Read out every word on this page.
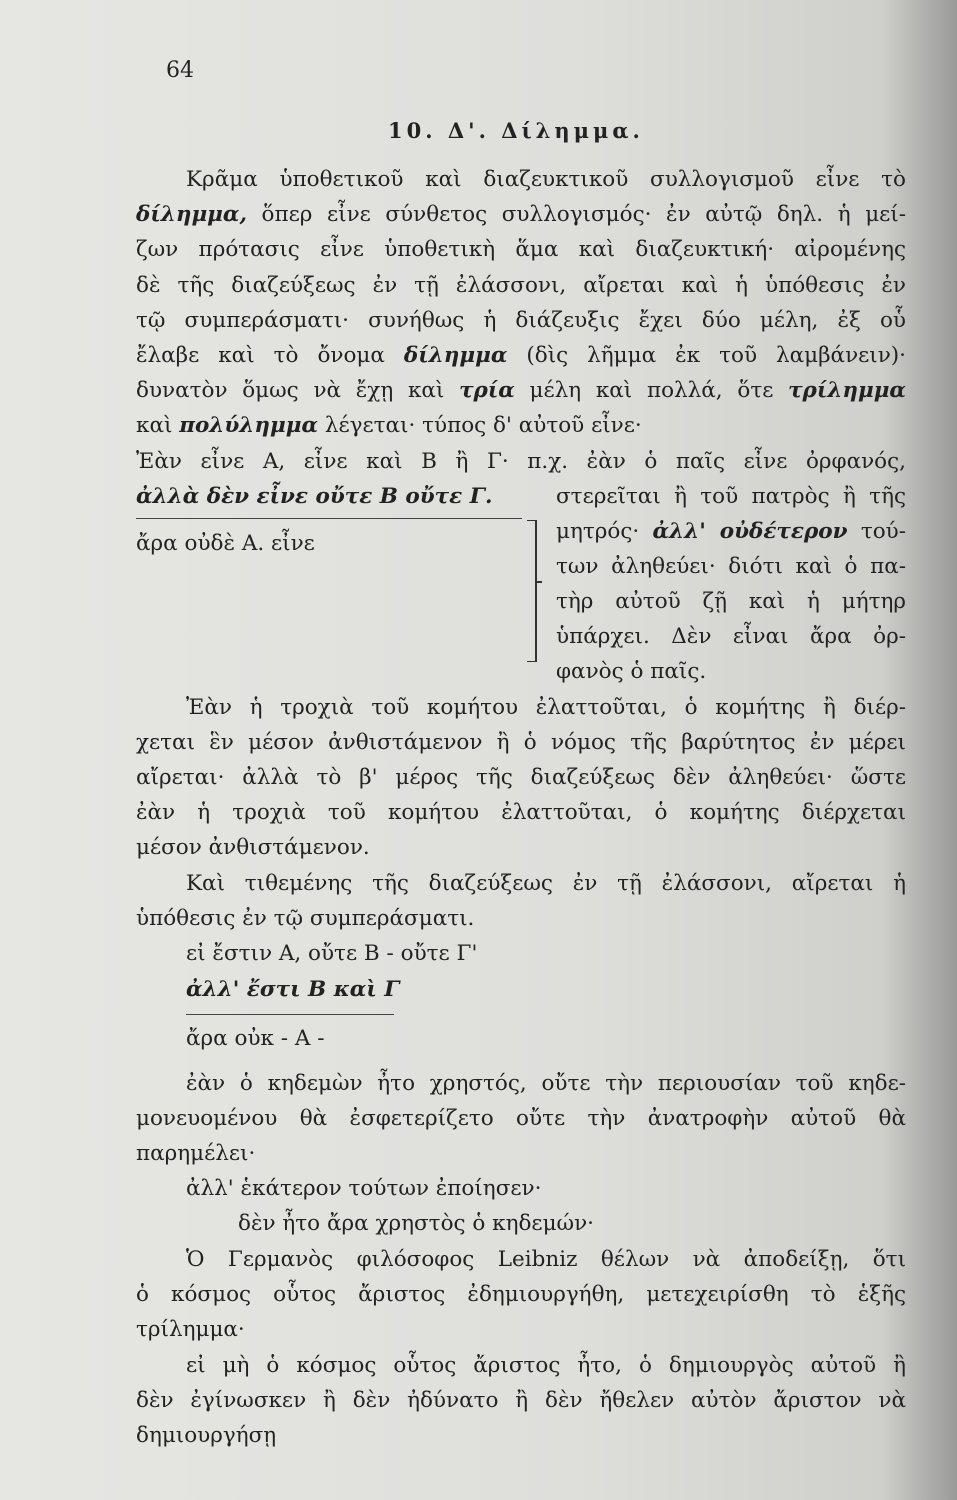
64
10. Δ'. Δίλημμα.
Κρᾶμα ὑποθετικοῦ καὶ διαζευκτικοῦ συλλογισμοῦ εἶνε τὸ
δίλημμα, ὅπερ εἶνε σύνθετος συλλογισμός· ἐν αὐτῷ δηλ. ἡ μεί-
ζων πρότασις εἶνε ὑποθετικὴ ἅμα καὶ διαζευκτική· αἰρομένης
δὲ τῆς διαζεύξεως ἐν τῇ ἐλάσσονι, αἴρεται καὶ ἡ ὑπόθεσις ἐν
τῷ συμπεράσματι· συνήθως ἡ διάζευξις ἔχει δύο μέλη, ἐξ οὗ
ἔλαβε καὶ τὸ ὄνομα δίλημμα (δὶς λῆμμα ἐκ τοῦ λαμβάνειν)·
δυνατὸν ὅμως νὰ ἔχῃ καὶ τρία μέλη καὶ πολλά, ὅτε τρίλημμα
καὶ πολύλημμα λέγεται· τύπος δ' αὐτοῦ εἶνε·
Ἐὰν εἶνε Α, εἶνε καὶ Β ἢ Γ· π.χ. ἐὰν ὁ παῖς εἶνε ὀρφανός,
ἀλλὰ δὲν εἶνε οὔτε Β οὔτε Γ.
ἄρα οὐδὲ Α. εἶνε
στερεῖται ἢ τοῦ πατρὸς ἢ τῆς
μητρός· ἀλλ' οὐδέτερον τού-
των ἀληθεύει· διότι καὶ ὁ πα-
τὴρ αὐτοῦ ζῇ καὶ ἡ μήτηρ
ὑπάρχει. Δὲν εἶναι ἄρα ὀρ-
φανὸς ὁ παῖς.
Ἐὰν ἡ τροχιὰ τοῦ κομήτου ἐλαττοῦται, ὁ κομήτης ἢ διέρ-
χεται ἓν μέσον ἀνθιστάμενον ἢ ὁ νόμος τῆς βαρύτητος ἐν μέρει
αἴρεται· ἀλλὰ τὸ β' μέρος τῆς διαζεύξεως δὲν ἀληθεύει· ὥστε
ἐὰν ἡ τροχιὰ τοῦ κομήτου ἐλαττοῦται, ὁ κομήτης διέρχεται
μέσον ἀνθιστάμενον.
Καὶ τιθεμένης τῆς διαζεύξεως ἐν τῇ ἐλάσσονι, αἴρεται ἡ
ὑπόθεσις ἐν τῷ συμπεράσματι.
εἰ ἔστιν Α, οὔτε Β - οὔτε Γ'
ἀλλ' ἔστι Β καὶ Γ
ἄρα οὐκ - Α -
ἐὰν ὁ κηδεμὼν ἦτο χρηστός, οὔτε τὴν περιουσίαν τοῦ κηδε-
μονευομένου θὰ ἐσφετερίζετο οὔτε τὴν ἀνατροφὴν αὐτοῦ θὰ
παρημέλει·
ἀλλ' ἑκάτερον τούτων ἐποίησεν·
δὲν ἦτο ἄρα χρηστὸς ὁ κηδεμών·
Ὁ Γερμανὸς φιλόσοφος Leibniz θέλων νὰ ἀποδείξῃ, ὅτι
ὁ κόσμος οὗτος ἄριστος ἐδημιουργήθη, μετεχειρίσθη τὸ ἑξῆς
τρίλημμα·
εἰ μὴ ὁ κόσμος οὗτος ἄριστος ἦτο, ὁ δημιουργὸς αὐτοῦ ἢ
δὲν ἐγίνωσκεν ἢ δὲν ἠδύνατο ἢ δὲν ἤθελεν αὐτὸν ἄριστον νὰ
δημιουργήσῃ
